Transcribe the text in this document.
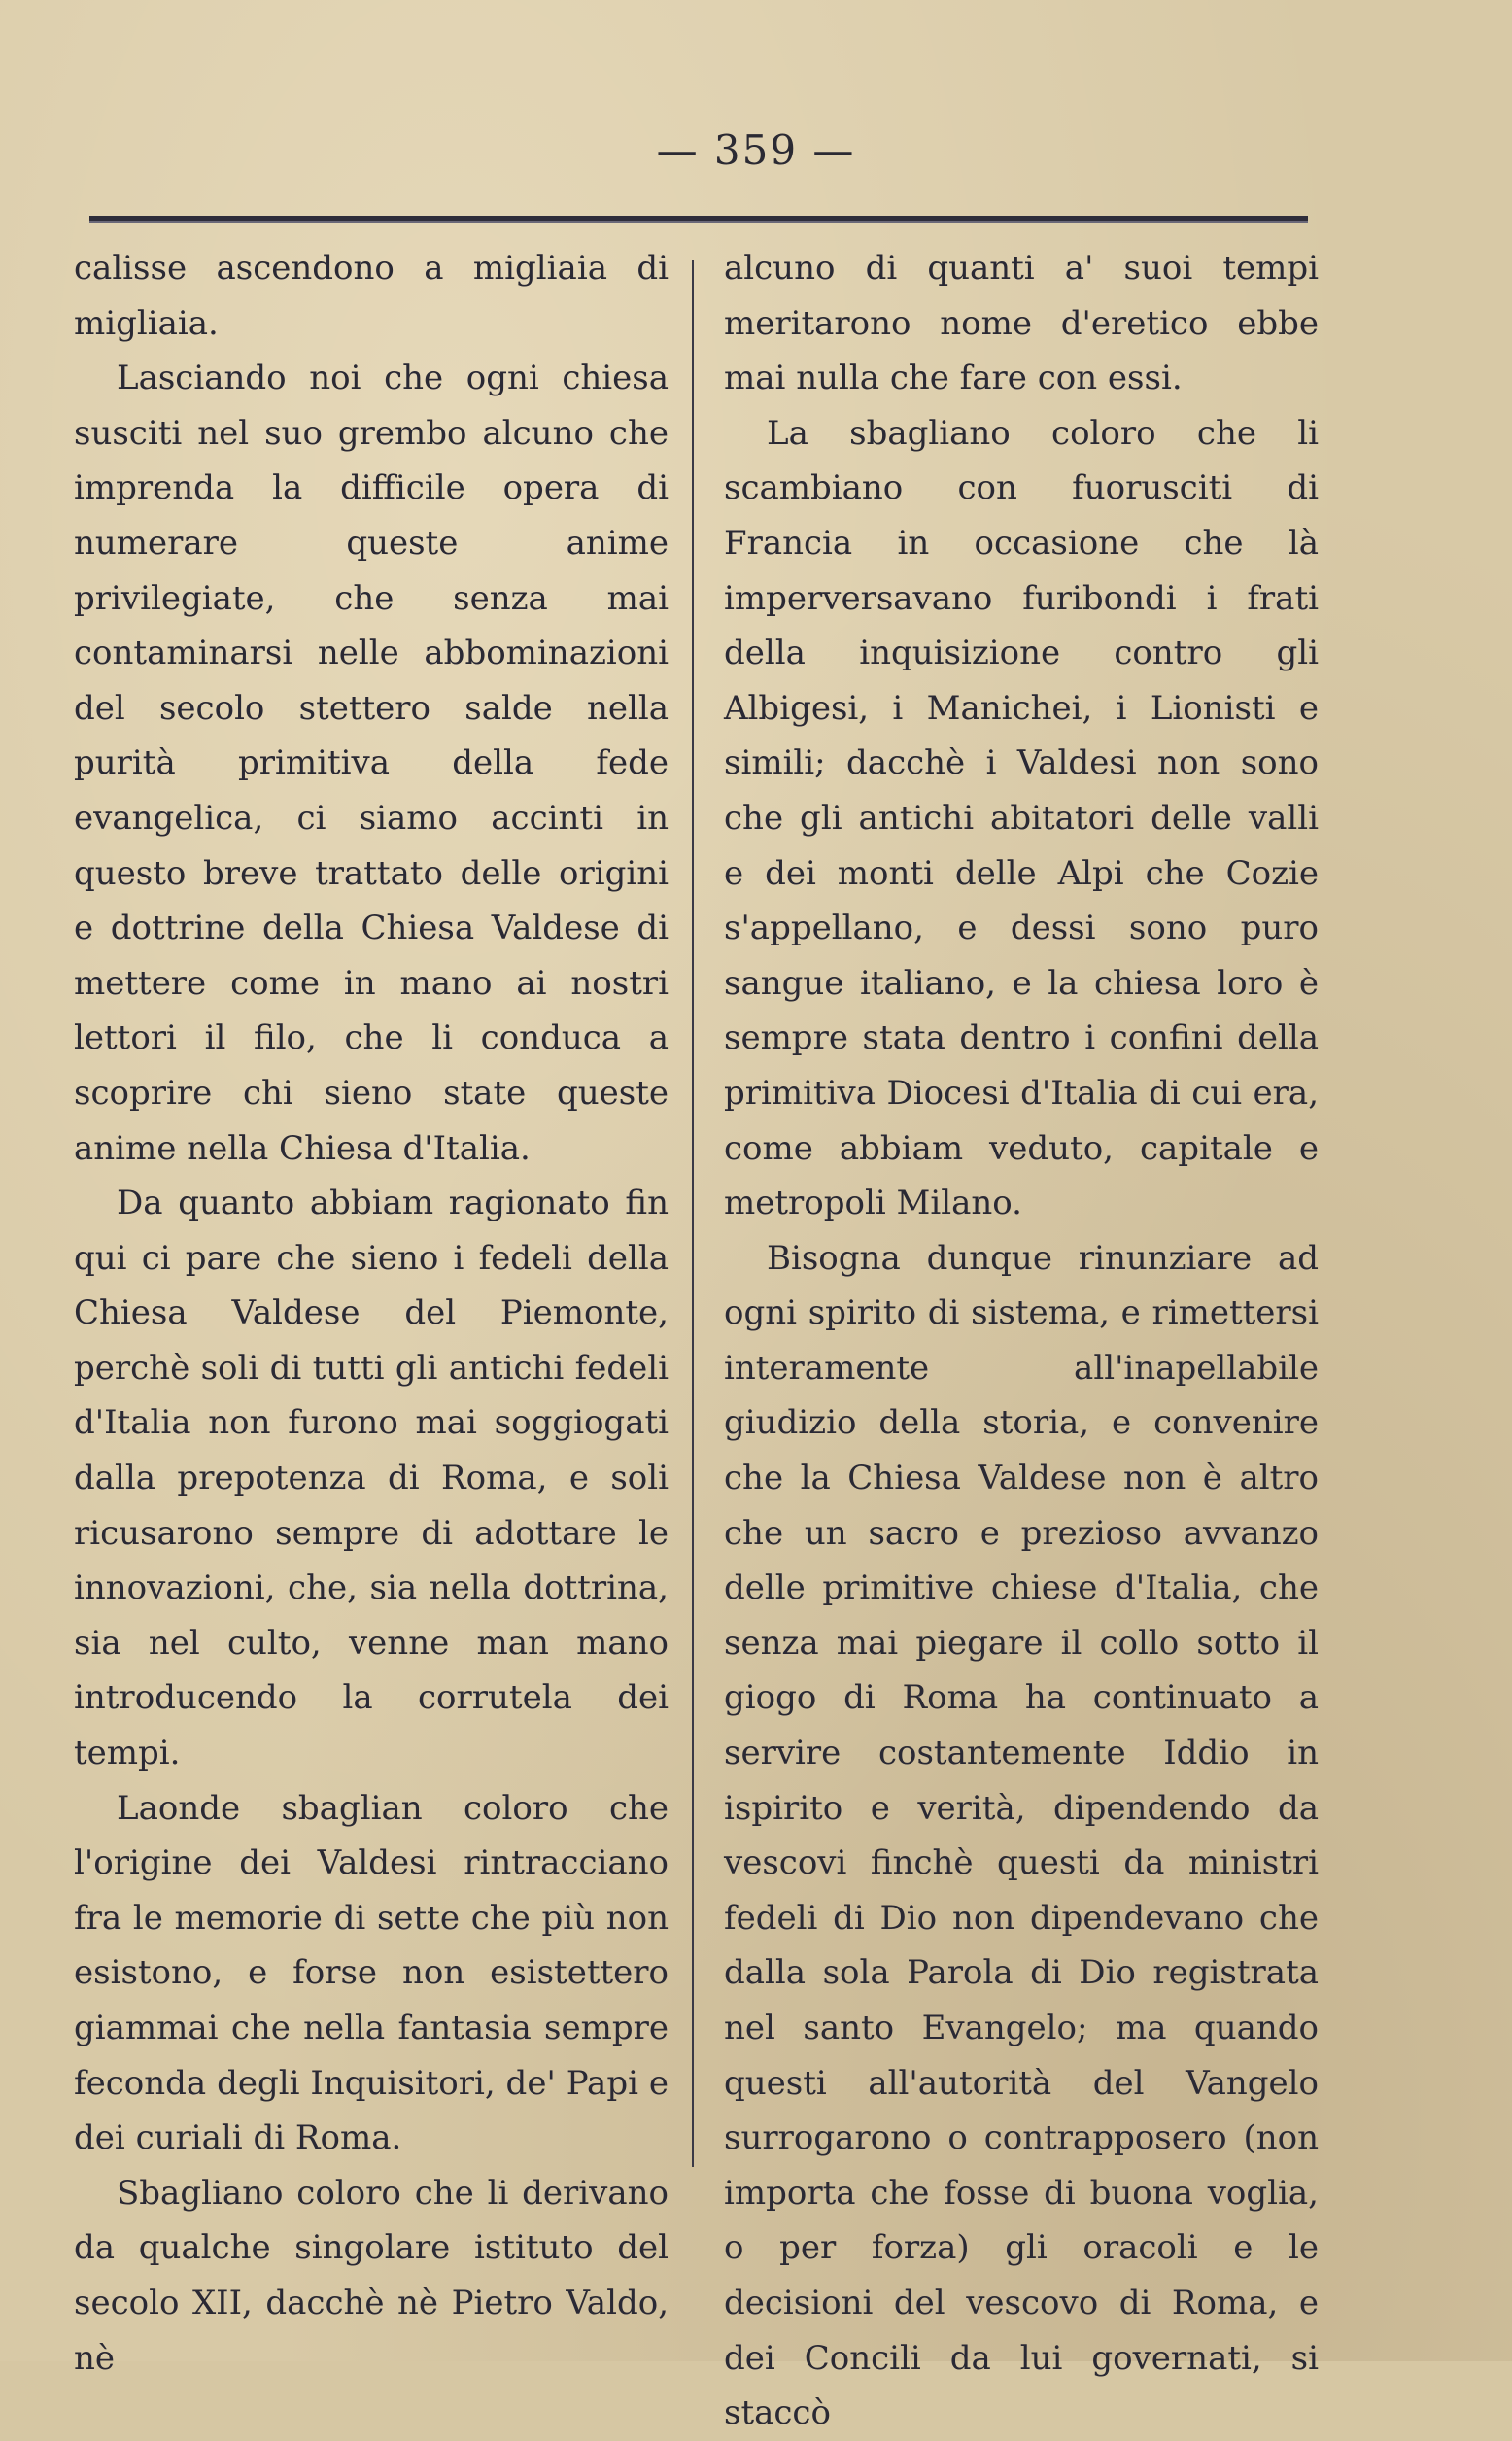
— 359 —

calisse ascendono a migliaia di migliaia.

Lasciando noi che ogni chiesa susciti nel suo grembo alcuno che imprenda la difficile opera di numerare queste anime privilegiate, che senza mai contaminarsi nelle abbominazioni del secolo stettero salde nella purità primitiva della fede evangelica, ci siamo accinti in questo breve trattato delle origini e dottrine della Chiesa Valdese di mettere come in mano ai nostri lettori il filo, che li conduca a scoprire chi sieno state queste anime nella Chiesa d'Italia.

Da quanto abbiam ragionato fin qui ci pare che sieno i fedeli della Chiesa Valdese del Piemonte, perchè soli di tutti gli antichi fedeli d'Italia non furono mai soggiogati dalla prepotenza di Roma, e soli ricusarono sempre di adottare le innovazioni, che, sia nella dottrina, sia nel culto, venne man mano introducendo la corrutela dei tempi.

Laonde sbaglian coloro che l'origine dei Valdesi rintracciano fra le memorie di sette che più non esistono, e forse non esistettero giammai che nella fantasia sempre feconda degli Inquisitori, de' Papi e dei curiali di Roma.

Sbagliano coloro che li derivano da qualche singolare istituto del secolo XII, dacchè nè Pietro Valdo, nè

alcuno di quanti a' suoi tempi meritarono nome d'eretico ebbe mai nulla che fare con essi.

La sbagliano coloro che li scambiano con fuorusciti di Francia in occasione che là imperversavano furibondi i frati della inquisizione contro gli Albigesi, i Manichei, i Lionisti e simili; dacchè i Valdesi non sono che gli antichi abitatori delle valli e dei monti delle Alpi che Cozie s'appellano, e dessi sono puro sangue italiano, e la chiesa loro è sempre stata dentro i confini della primitiva Diocesi d'Italia di cui era, come abbiam veduto, capitale e metropoli Milano.

Bisogna dunque rinunziare ad ogni spirito di sistema, e rimettersi interamente all'inapellabile giudizio della storia, e convenire che la Chiesa Valdese non è altro che un sacro e prezioso avvanzo delle primitive chiese d'Italia, che senza mai piegare il collo sotto il giogo di Roma ha continuato a servire costantemente Iddio in ispirito e verità, dipendendo da vescovi finchè questi da ministri fedeli di Dio non dipendevano che dalla sola Parola di Dio registrata nel santo Evangelo; ma quando questi all'autorità del Vangelo surrogarono o contrapposero (non importa che fosse di buona voglia, o per forza) gli oracoli e le decisioni del vescovo di Roma, e dei Concili da lui governati, si staccò
